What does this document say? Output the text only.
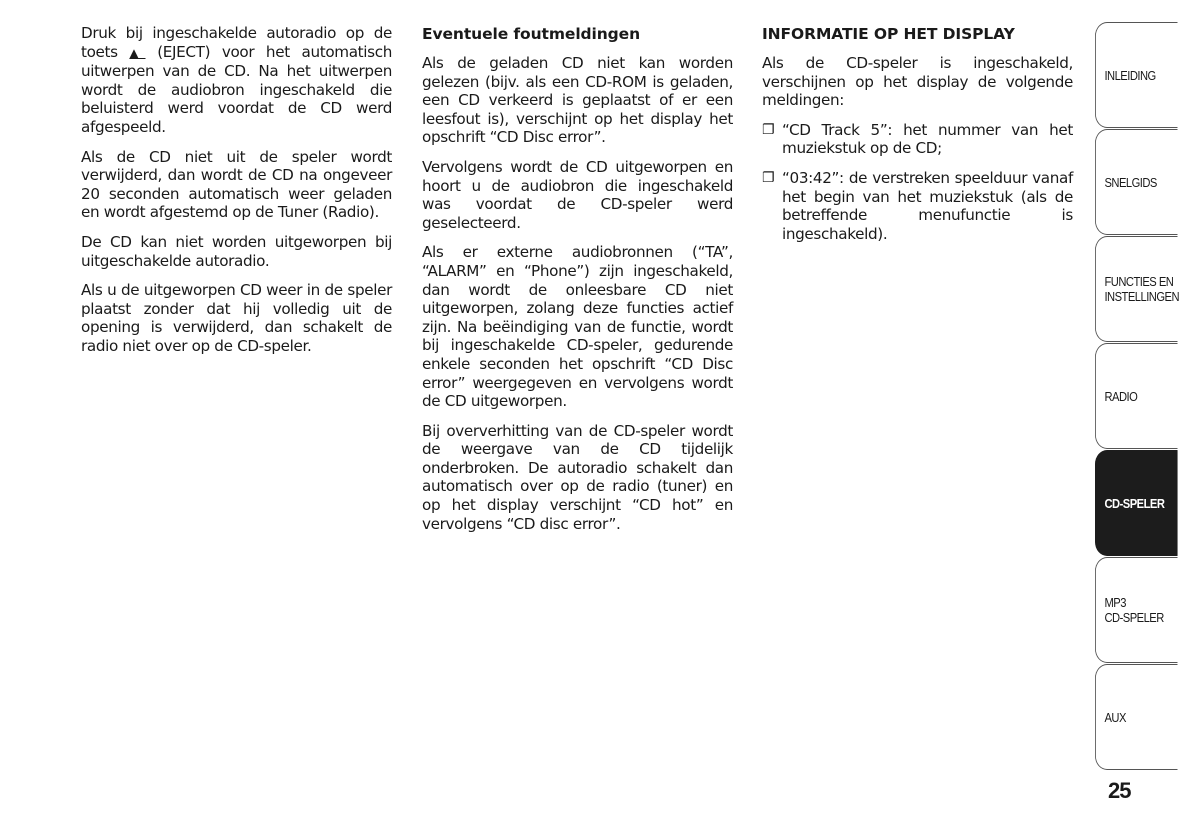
Druk bij ingeschakelde autoradio op de toets ▲ (EJECT) voor het automatisch uitwerpen van de CD. Na het uitwerpen wordt de audiobron ingeschakeld die beluisterd werd voordat de CD werd afgespeeld.

Als de CD niet uit de speler wordt verwijderd, dan wordt de CD na ongeveer 20 seconden automatisch weer geladen en wordt afgestemd op de Tuner (Radio).

De CD kan niet worden uitgeworpen bij uitgeschakelde autoradio.

Als u de uitgeworpen CD weer in de speler plaatst zonder dat hij volledig uit de opening is verwijderd, dan schakelt de radio niet over op de CD-speler.

Eventuele foutmeldingen

Als de geladen CD niet kan worden gelezen (bijv. als een CD-ROM is geladen, een CD verkeerd is geplaatst of er een leesfout is), verschijnt op het display het opschrift “CD Disc error”.

Vervolgens wordt de CD uitgeworpen en hoort u de audiobron die ingeschakeld was voordat de CD-speler werd geselecteerd.

Als er externe audiobronnen (“TA”, “ALARM” en “Phone”) zijn ingeschakeld, dan wordt de onleesbare CD niet uitgeworpen, zolang deze functies actief zijn. Na beëindiging van de functie, wordt bij ingeschakelde CD-speler, gedurende enkele seconden het opschrift “CD Disc error” weergegeven en vervolgens wordt de CD uitgeworpen.

Bij oververhitting van de CD-speler wordt de weergave van de CD tijdelijk onderbroken. De autoradio schakelt dan automatisch over op de radio (tuner) en op het display verschijnt “CD hot” en vervolgens “CD disc error”.

INFORMATIE OP HET DISPLAY

Als de CD-speler is ingeschakeld, verschijnen op het display de volgende meldingen:

❐ “CD Track 5”: het nummer van het muziekstuk op de CD;
❐ “03:42”: de verstreken speelduur vanaf het begin van het muziekstuk (als de betreffende menufunctie is ingeschakeld).
INLEIDING
SNELGIDS
FUNCTIES EN
INSTELLINGEN
RADIO
CD-SPELER
MP3
CD-SPELER
AUX
25
